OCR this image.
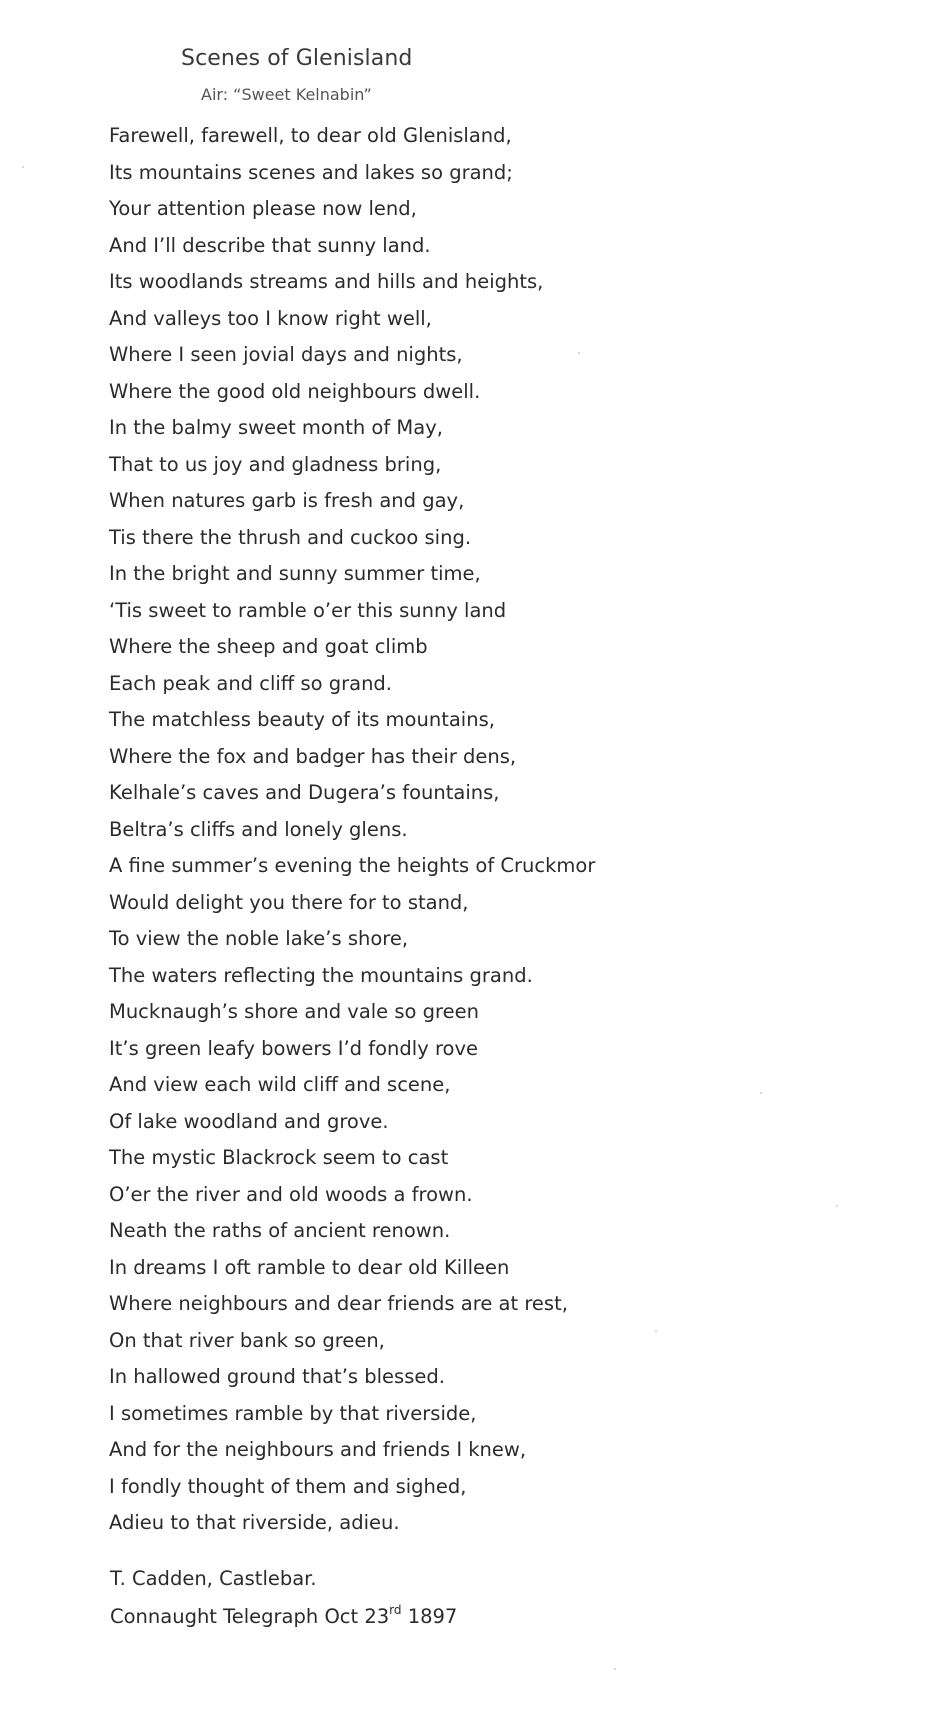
Scenes of Glenisland
Air: “Sweet Kelnabin”
Farewell, farewell, to dear old Glenisland,
Its mountains scenes and lakes so grand;
Your attention please now lend,
And I’ll describe that sunny land.
Its woodlands streams and hills and heights,
And valleys too I know right well,
Where I seen jovial days and nights,
Where the good old neighbours dwell.
In the balmy sweet month of May,
That to us joy and gladness bring,
When natures garb is fresh and gay,
Tis there the thrush and cuckoo sing.
In the bright and sunny summer time,
‘Tis sweet to ramble o’er this sunny land
Where the sheep and goat climb
Each peak and cliff so grand.
The matchless beauty of its mountains,
Where the fox and badger has their dens,
Kelhale’s caves and Dugera’s fountains,
Beltra’s cliffs and lonely glens.
A fine summer’s evening the heights of Cruckmor
Would delight you there for to stand,
To view the noble lake’s shore,
The waters reflecting the mountains grand.
Mucknaugh’s shore and vale so green
It’s green leafy bowers I’d fondly rove
And view each wild cliff and scene,
Of lake woodland and grove.
The mystic Blackrock seem to cast
O’er the river and old woods a frown.
Neath the raths of ancient renown.
In dreams I oft ramble to dear old Killeen
Where neighbours and dear friends are at rest,
On that river bank so green,
In hallowed ground that’s blessed.
I sometimes ramble by that riverside,
And for the neighbours and friends I knew,
I fondly thought of them and sighed,
Adieu to that riverside, adieu.
T. Cadden, Castlebar.
Connaught Telegraph Oct 23rd 1897
